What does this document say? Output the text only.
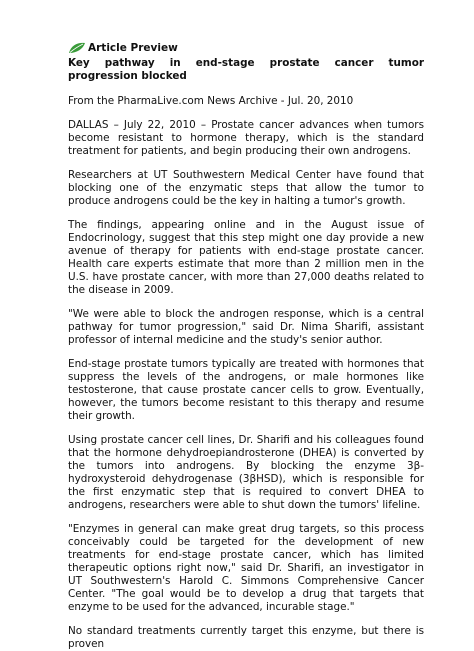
Article Preview
Key pathway in end-stage prostate cancer tumor progression blocked
From the PharmaLive.com News Archive - Jul. 20, 2010

DALLAS – July 22, 2010 – Prostate cancer advances when tumors become resistant to hormone therapy, which is the standard treatment for patients, and begin producing their own androgens.

Researchers at UT Southwestern Medical Center have found that blocking one of the enzymatic steps that allow the tumor to produce androgens could be the key in halting a tumor's growth.

The findings, appearing online and in the August issue of Endocrinology, suggest that this step might one day provide a new avenue of therapy for patients with end-stage prostate cancer. Health care experts estimate that more than 2 million men in the U.S. have prostate cancer, with more than 27,000 deaths related to the disease in 2009.

"We were able to block the androgen response, which is a central pathway for tumor progression," said Dr. Nima Sharifi, assistant professor of internal medicine and the study's senior author.

End-stage prostate tumors typically are treated with hormones that suppress the levels of the androgens, or male hormones like testosterone, that cause prostate cancer cells to grow. Eventually, however, the tumors become resistant to this therapy and resume their growth.

Using prostate cancer cell lines, Dr. Sharifi and his colleagues found that the hormone dehydroepiandrosterone (DHEA) is converted by the tumors into androgens. By blocking the enzyme 3β-hydroxysteroid dehydrogenase (3βHSD), which is responsible for the first enzymatic step that is required to convert DHEA to androgens, researchers were able to shut down the tumors' lifeline.

"Enzymes in general can make great drug targets, so this process conceivably could be targeted for the development of new treatments for end-stage prostate cancer, which has limited therapeutic options right now," said Dr. Sharifi, an investigator in UT Southwestern's Harold C. Simmons Comprehensive Cancer Center. "The goal would be to develop a drug that targets that enzyme to be used for the advanced, incurable stage."

No standard treatments currently target this enzyme, but there is proven
